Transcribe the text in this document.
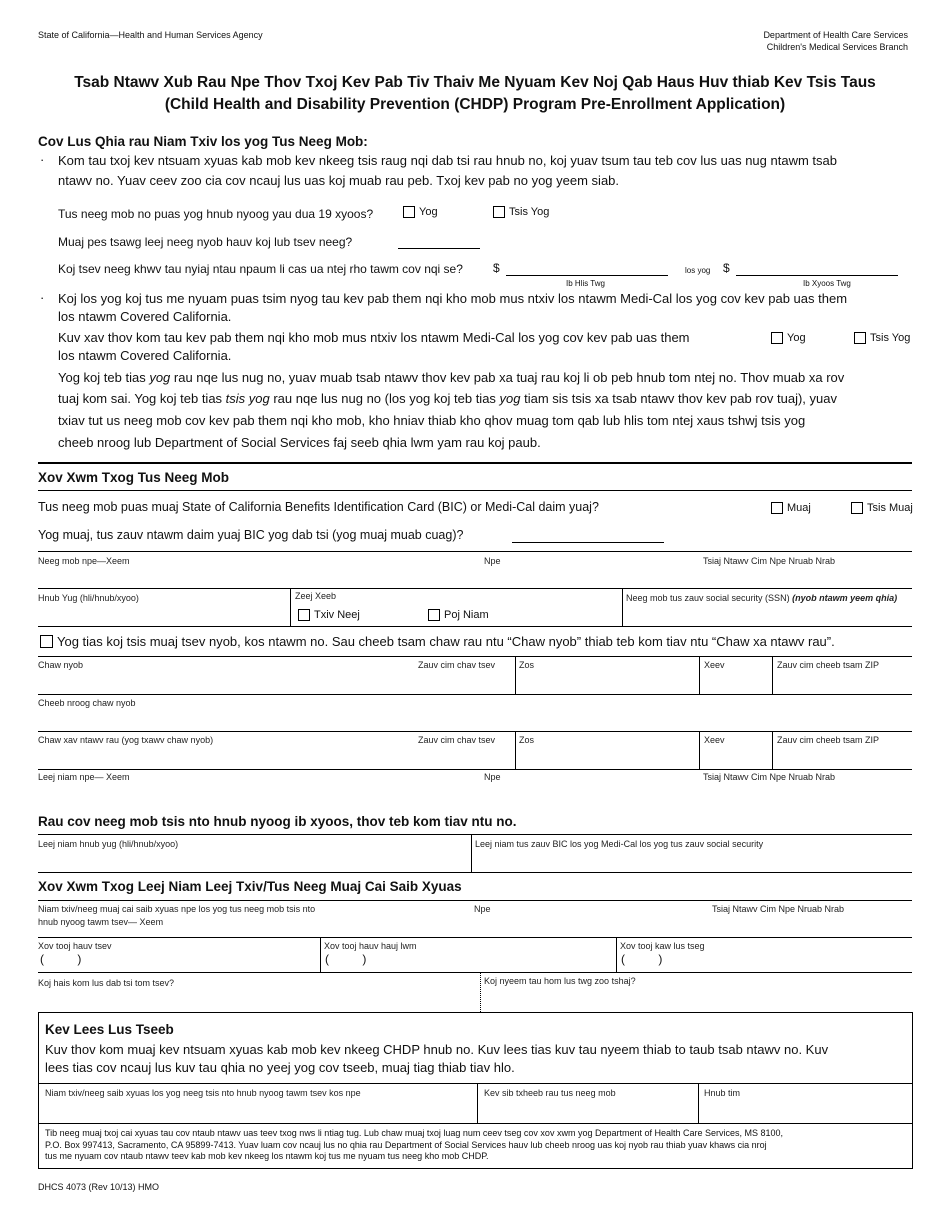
State of California—Health and Human Services Agency	Department of Health Care Services
Children's Medical Services Branch
Tsab Ntawv Xub Rau Npe Thov Txoj Kev Pab Tiv Thaiv Me Nyuam Kev Noj Qab Haus Huv thiab Kev Tsis Taus
(Child Health and Disability Prevention (CHDP) Program Pre-Enrollment Application)
Cov Lus Qhia rau Niam Txiv los yog Tus Neeg Mob:
· Kom tau txoj kev ntsuam xyuas kab mob kev nkeeg tsis raug nqi dab tsi rau hnub no, koj yuav tsum tau teb cov lus uas nug ntawm tsab
ntawv no. Yuav ceev zoo cia cov ncauj lus uas koj muab rau peb. Txoj kev pab no yog yeem siab.
Tus neeg mob no puas yog hnub nyoog yau dua 19 xyoos?	Yog	Tsis Yog
Muaj pes tsawg leej neeg nyob hauv koj lub tsev neeg?
Koj tsev neeg khwv tau nyiaj ntau npaum li cas ua ntej rho tawm cov nqi se?	$
Ib Hlis Twg
los yog $
Ib Xyoos Twg
· Koj los yog koj tus me nyuam puas tsim nyog tau kev pab them nqi kho mob mus ntxiv los ntawm Medi-Cal los yog cov kev pab uas them
los ntawm Covered California.
Kuv xav thov kom tau kev pab them nqi kho mob mus ntxiv los ntawm Medi-Cal los yog cov kev pab uas them
los ntawm Covered California.
Yog	Tsis Yog
Yog koj teb tias yog rau nqe lus nug no, yuav muab tsab ntawv thov kev pab xa tuaj rau koj li ob peb hnub tom ntej no. Thov muab xa rov
tuaj kom sai. Yog koj teb tias tsis yog rau nqe lus nug no (los yog koj teb tias yog tiam sis tsis xa tsab ntawv thov kev pab rov tuaj), yuav
txiav tut us neeg mob cov kev pab them nqi kho mob, kho hniav thiab kho qhov muag tom qab lub hlis tom ntej xaus tshwj tsis yog
cheeb nroog lub Department of Social Services faj seeb qhia lwm yam rau koj paub.
Xov Xwm Txog Tus Neeg Mob
Tus neeg mob puas muaj State of California Benefits Identification Card (BIC) or Medi-Cal daim yuaj?	Muaj	Tsis Muaj
Yog muaj, tus zauv ntawm daim yuaj BIC yog dab tsi (yog muaj muab cuag)?
Neeg mob npe—Xeem	Npe	Tsiaj Ntawv Cim Npe Nruab Nrab
Hnub Yug (hli/hnub/xyoo)	Zeej Xeeb
Txiv Neej	Poj Niam
Neeg mob tus zauv social security (SSN) (nyob ntawm yeem qhia)
Yog tias koj tsis muaj tsev nyob, kos ntawm no. Sau cheeb tsam chaw rau ntu “Chaw nyob” thiab teb kom tiav ntu “Chaw xa ntawv rau”.
Chaw nyob	Zauv cim chav tsev	Zos	Xeev	Zauv cim cheeb tsam ZIP
Cheeb nroog chaw nyob
Chaw xav ntawv rau (yog txawv chaw nyob)	Zauv cim chav tsev	Zos	Xeev	Zauv cim cheeb tsam ZIP
Leej niam npe— Xeem	Npe	Tsiaj Ntawv Cim Npe Nruab Nrab
Rau cov neeg mob tsis nto hnub nyoog ib xyoos, thov teb kom tiav ntu no.
Leej niam hnub yug (hli/hnub/xyoo)	Leej niam tus zauv BIC los yog Medi-Cal los yog tus zauv social security
Xov Xwm Txog Leej Niam Leej Txiv/Tus Neeg Muaj Cai Saib Xyuas
Niam txiv/neeg muaj cai saib xyuas npe los yog tus neeg mob tsis nto
hnub nyoog tawm tsev— Xeem
Npe	Tsiaj Ntawv Cim Npe Nruab Nrab
Xov tooj hauv tsev
(          )
Xov tooj hauv hauj lwm
(          )
Xov tooj kaw lus tseg
(          )
Koj hais kom lus dab tsi tom tsev?	Koj nyeem tau hom lus twg zoo tshaj?
Kev Lees Lus Tseeb
Kuv thov kom muaj kev ntsuam xyuas kab mob kev nkeeg CHDP hnub no. Kuv lees tias kuv tau nyeem thiab to taub tsab ntawv no. Kuv
lees tias cov ncauj lus kuv tau qhia no yeej yog cov tseeb, muaj tiag thiab tiav hlo.
Niam txiv/neeg saib xyuas los yog neeg tsis nto hnub nyoog tawm tsev kos npe	Kev sib txheeb rau tus neeg mob	Hnub tim
Tib neeg muaj txoj cai xyuas tau cov ntaub ntawv uas teev txog nws li ntiag tug. Lub chaw muaj txoj luag num ceev tseg cov xov xwm yog Department of Health Care Services, MS 8100,
P.O. Box 997413, Sacramento, CA 95899-7413. Yuav luam cov ncauj lus no qhia rau Department of Social Services hauv lub cheeb nroog uas koj nyob rau thiab yuav khaws cia nroj
tus me nyuam cov ntaub ntawv teev kab mob kev nkeeg los ntawm koj tus me nyuam tus neeg kho mob CHDP.
DHCS 4073 (Rev 10/13) HMO
